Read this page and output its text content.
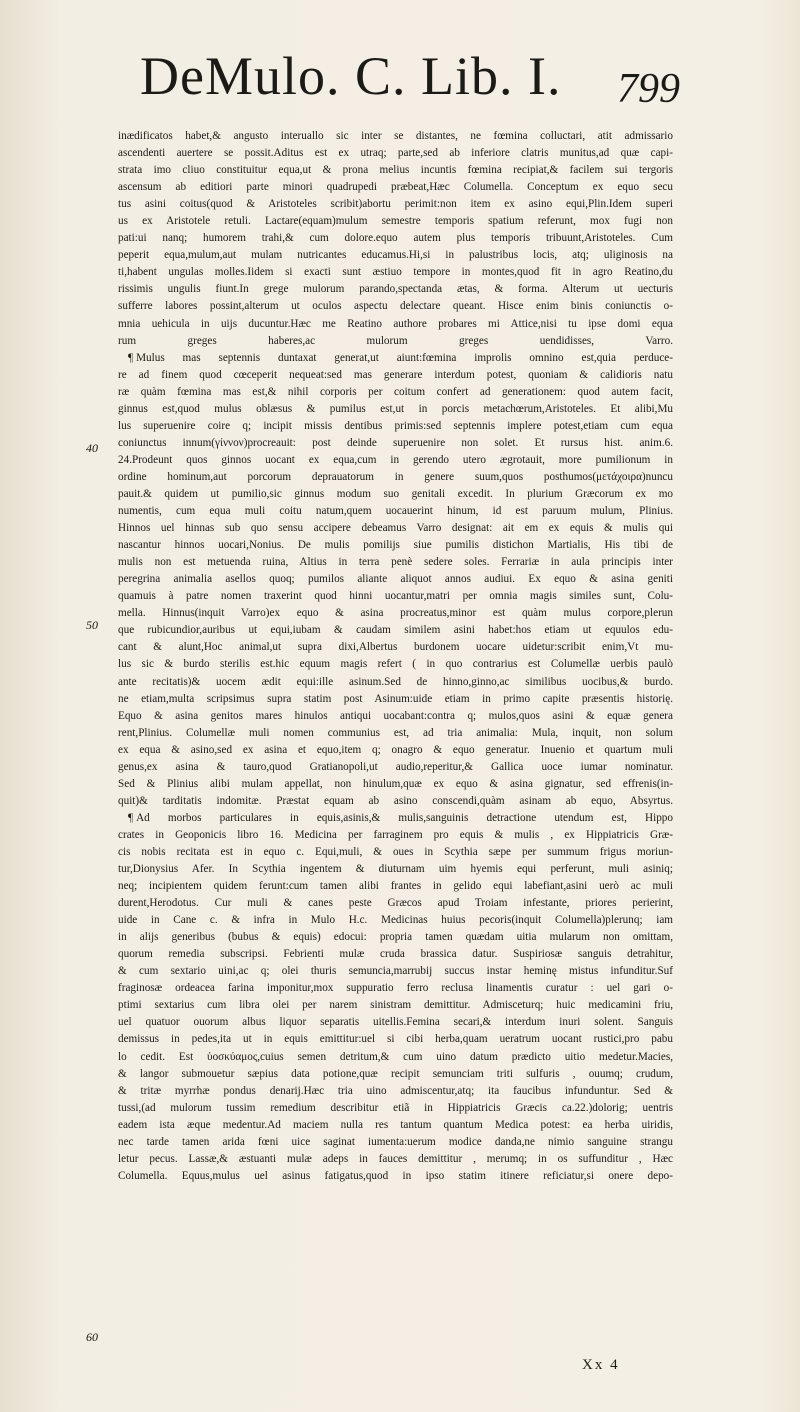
DeMulo. C. Lib. I. 799
inædificatos habet,& angusto interuallo sic inter se distantes, ne fœmina colluctari, atit admissario
ascendenti auertere se possit.Aditus est ex utraq; parte,sed ab inferiore clatris munitus,ad quæ capi-
strata imo cliuo constituitur equa,ut & prona melius incuntis fœmina recipiat,& facilem sui tergoris
ascensum ab editiori parte minori quadrupedi præbeat,Hæc Columella. Conceptum ex equo secu
tus asini coitus(quod & Aristoteles scribit)abortu perimit:non item ex asino equi,Plin.Idem superi
us ex Aristotele retuli. Lactare(equam)mulum semestre temporis spatium referunt, mox fugi non
pati:ui nanq; humorem trahi,& cum dolore.equo autem plus temporis tribuunt,Aristoteles. Cum
peperit equa,mulum,aut mulam nutricantes educamus.Hi,si in palustribus locis, atq; uliginosis na
ti,habent ungulas molles.Iidem si exacti sunt æstiuo tempore in montes,quod fit in agro Reatino,du
rissimis ungulis fiunt.In grege mulorum parando,spectanda ætas, & forma. Alterum ut uecturis
sufferre labores possint,alterum ut oculos aspectu delectare queant. Hisce enim binis coniunctis o-
mnia uehicula in uijs ducuntur.Hæc me Reatino authore probares mi Attice,nisi tu ipse domi equa
rum greges haberes,ac mulorum greges uendidisses, Varro.
¶ Mulus mas septennis duntaxat generat,ut aiunt:fœmina improlis omnino est,quia perduce-
re ad finem quod cœceperit nequeat:sed mas generare interdum potest, quoniam & calidioris natu
ræ quàm fœmina mas est,& nihil corporis per coitum confert ad generationem: quod autem facit,
ginnus est,quod mulus oblæsus & pumilus est,ut in porcis metachœrum,Aristoteles. Et alibi,Mu
lus superuenire coire q; incipit missis dentibus primis:sed septennis implere potest,etiam cum equa
coniunctus innum(γίννον)procreauit: post deinde superuenire non solet. Et rursus hist. anim.6.
24.Prodeunt quos ginnos uocant ex equa,cum in gerendo utero ægrotauit, more pumilionum in
ordine hominum,aut porcorum deprauatorum in genere suum,quos posthumos(μετάχοιρα)nuncu
pauit.& quidem ut pumilio,sic ginnus modum suo genitali excedit. In plurium Græcorum ex mo
numentis, cum equa muli coitu natum,quem uocauerint hinum, id est paruum mulum, Plinius.
Hinnos uel hinnas sub quo sensu accipere debeamus Varro designat: ait em ex equis & mulis qui
nascantur hinnos uocari,Nonius. De mulis pomilijs siue pumilis distichon Martialis, His tibi de
mulis non est metuenda ruina, Altius in terra penè sedere soles. Ferrariæ in aula principis inter
peregrina animalia asellos quoq; pumilos aliante aliquot annos audiui. Ex equo & asina geniti
quamuis à patre nomen traxerint quod hinni uocantur,matri per omnia magis similes sunt, Colu-
mella. Hinnus(inquit Varro)ex equo & asina procreatus,minor est quàm mulus corpore,plerun
que rubicundior,auribus ut equi,iubam & caudam similem asini habet:hos etiam ut equulos edu-
cant & alunt,Hoc animal,ut supra dixi,Albertus burdonem uocare uidetur:scribit enim,Vt mu-
lus sic & burdo sterilis est.hic equum magis refert ( in quo contrarius est Columellæ uerbis paulò
ante recitatis)& uocem ædit equi:ille asinum.Sed de hinno,ginno,ac similibus uocibus,& burdo.
ne etiam,multa scripsimus supra statim post Asinum:uide etiam in primo capite præsentis historię.
Equo & asina genitos mares hinulos antiqui uocabant:contra q; mulos,quos asini & equæ genera
rent,Plinius. Columellæ muli nomen communius est, ad tria animalia: Mula, inquit, non solum
ex equa & asino,sed ex asina et equo,item q; onagro & equo generatur. Inuenio et quartum muli
genus,ex asina & tauro,quod Gratianopoli,ut audio,reperitur,& Gallica uoce iumar nominatur.
Sed & Plinius alibi mulam appellat, non hinulum,quæ ex equo & asina gignatur, sed effrenis(in-
quit)& tarditatis indomitæ. Præstat equam ab asino conscendi,quàm asinam ab equo, Absyrtus.
¶ Ad morbos particulares in equis,asinis,& mulis,sanguinis detractione utendum est, Hippo
crates in Geoponicis libro 16. Medicina per farraginem pro equis & mulis , ex Hippiatricis Græ-
cis nobis recitata est in equo c. Equi,muli, & oues in Scythia sæpe per summum frigus moriun-
tur,Dionysius Afer. In Scythia ingentem & diuturnam uim hyemis equi perferunt, muli asiniq;
neq; incipientem quidem ferunt:cum tamen alibi frantes in gelido equi labefiant,asini uerò ac muli
durent,Herodotus. Cur muli & canes peste Græcos apud Troiam infestante, priores perierint,
uide in Cane c. & infra in Mulo H.c. Medicinas huius pecoris(inquit Columella)plerunq; iam
in alijs generibus (bubus & equis) edocui: propria tamen quædam uitia mularum non omittam,
quorum remedia subscripsi. Febrienti mulæ cruda brassica datur. Suspiriosæ sanguis detrahitur,
& cum sextario uini,ac q; olei thuris semuncia,marrubij succus instar heminę mistus infunditur.Suf
fraginosæ ordeacea farina imponitur,mox suppuratio ferro reclusa linamentis curatur : uel gari o-
ptimi sextarius cum libra olei per narem sinistram demittitur. Admisceturq; huic medicamini friu,
uel quatuor ouorum albus liquor separatis uitellis.Femina secari,& interdum inuri solent. Sanguis
demissus in pedes,ita ut in equis emittitur:uel si cibi herba,quam ueratrum uocant rustici,pro pabu
lo cedit. Est ὑοσκύαμος,cuius semen detritum,& cum uino datum prædicto uitio medetur.Macies,
& langor submouetur sæpius data potione,quæ recipit semunciam triti sulfuris , ouumq; crudum,
& tritæ myrrhæ pondus denarij.Hæc tria uino admiscentur,atq; ita faucibus infunduntur. Sed &
tussi,(ad mulorum tussim remedium describitur etiã in Hippiatricis Græcis ca.22.)dolorig; uentris
eadem ista æque medentur.Ad maciem nulla res tantum quantum Medica potest: ea herba uiridis,
nec tarde tamen arida fœni uice saginat iumenta:uerum modice danda,ne nimio sanguine strangu
letur pecus. Lassæ,& æstuanti mulæ adeps in fauces demittitur , merumq; in os suffunditur , Hæc
Columella. Equus,mulus uel asinus fatigatus,quod in ipso statim itinere reficiatur,si onere depo-
40
50
60
Xx 4
